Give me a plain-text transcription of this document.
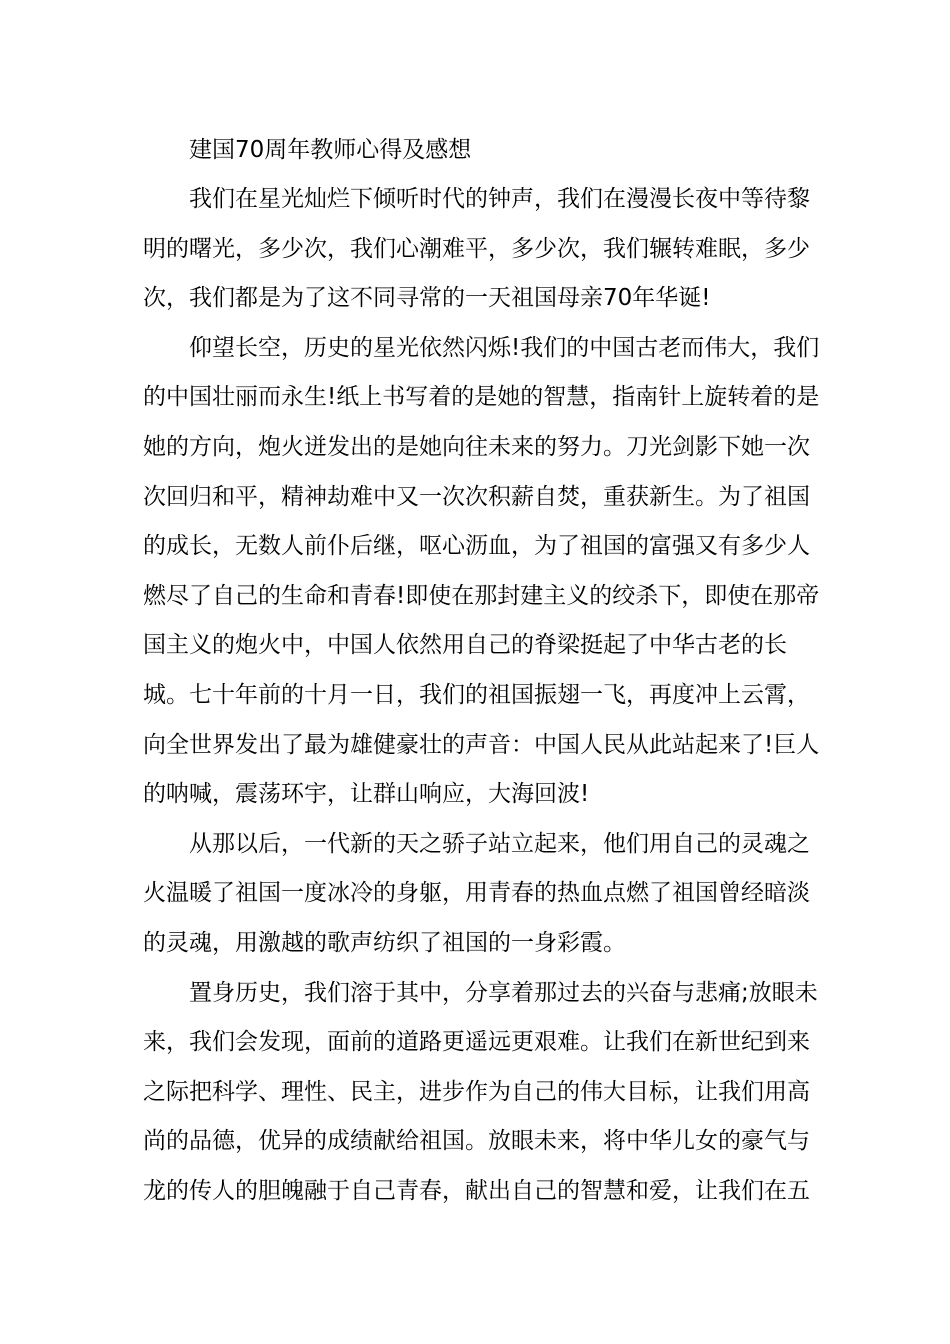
建国70周年教师心得及感想

我们在星光灿烂下倾听时代的钟声，我们在漫漫长夜中等待黎明的曙光，多少次，我们心潮难平，多少次，我们辗转难眠，多少次，我们都是为了这不同寻常的一天祖国母亲70年华诞!

仰望长空，历史的星光依然闪烁!我们的中国古老而伟大，我们的中国壮丽而永生!纸上书写着的是她的智慧，指南针上旋转着的是她的方向，炮火迸发出的是她向往未来的努力。刀光剑影下她一次次回归和平，精神劫难中又一次次积薪自焚，重获新生。为了祖国的成长，无数人前仆后继，呕心沥血，为了祖国的富强又有多少人燃尽了自己的生命和青春!即使在那封建主义的绞杀下，即使在那帝国主义的炮火中，中国人依然用自己的脊梁挺起了中华古老的长城。七十年前的十月一日，我们的祖国振翅一飞，再度冲上云霄，向全世界发出了最为雄健豪壮的声音：中国人民从此站起来了!巨人的呐喊，震荡环宇，让群山响应，大海回波!

从那以后，一代新的天之骄子站立起来，他们用自己的灵魂之火温暖了祖国一度冰冷的身躯，用青春的热血点燃了祖国曾经暗淡的灵魂，用激越的歌声纺织了祖国的一身彩霞。

置身历史，我们溶于其中，分享着那过去的兴奋与悲痛;放眼未来，我们会发现，面前的道路更遥远更艰难。让我们在新世纪到来之际把科学、理性、民主，进步作为自己的伟大目标，让我们用高尚的品德，优异的成绩献给祖国。放眼未来，将中华儿女的豪气与龙的传人的胆魄融于自己青春，献出自己的智慧和爱，让我们在五
